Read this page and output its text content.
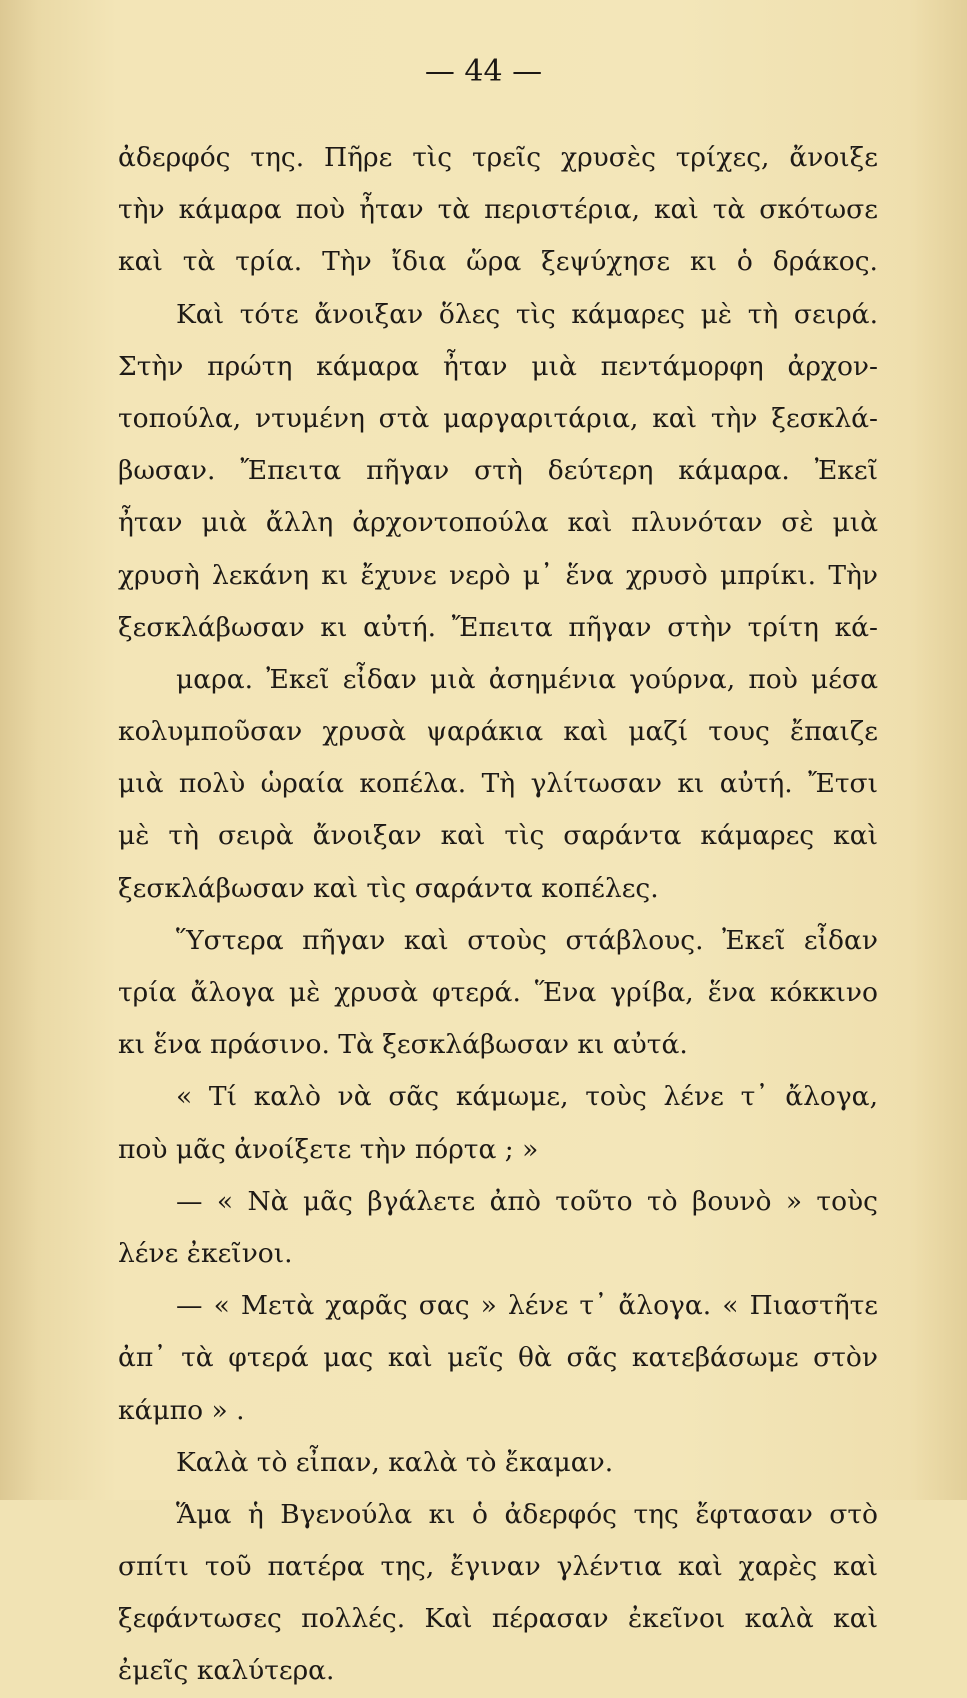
— 44 —
ἀδερφός της. Πῆρε τὶς τρεῖς χρυσὲς τρίχες, ἄνοιξε
τὴν κάμαρα ποὺ ἦταν τὰ περιστέρια, καὶ τὰ σκότωσε
καὶ τὰ τρία. Τὴν ἴδια ὥρα ξεψύχησε κι ὁ δράκος.
Καὶ τότε ἄνοιξαν ὅλες τὶς κάμαρες μὲ τὴ σειρά.
Στὴν πρώτη κάμαρα ἦταν μιὰ πεντάμορφη ἀρχον-
τοπούλα, ντυμένη στὰ μαργαριτάρια, καὶ τὴν ξεσκλά-
βωσαν. Ἔπειτα πῆγαν στὴ δεύτερη κάμαρα. Ἐκεῖ
ἦταν μιὰ ἄλλη ἀρχοντοπούλα καὶ πλυνόταν σὲ μιὰ
χρυσὴ λεκάνη κι ἔχυνε νερὸ μ᾿ ἕνα χρυσὸ μπρίκι. Τὴν
ξεσκλάβωσαν κι αὐτή. Ἔπειτα πῆγαν στὴν τρίτη κά-
μαρα. Ἐκεῖ εἶδαν μιὰ ἀσημένια γούρνα, ποὺ μέσα
κολυμποῦσαν χρυσὰ ψαράκια καὶ μαζί τους ἔπαιζε
μιὰ πολὺ ὡραία κοπέλα. Τὴ γλίτωσαν κι αὐτή. Ἔτσι
μὲ τὴ σειρὰ ἄνοιξαν καὶ τὶς σαράντα κάμαρες καὶ
ξεσκλάβωσαν καὶ τὶς σαράντα κοπέλες.
Ὕστερα πῆγαν καὶ στοὺς στάβλους. Ἐκεῖ εἶδαν
τρία ἄλογα μὲ χρυσὰ φτερά. Ἕνα γρίβα, ἕνα κόκκινο
κι ἕνα πράσινο. Τὰ ξεσκλάβωσαν κι αὐτά.
« Τί καλὸ νὰ σᾶς κάμωμε, τοὺς λένε τ᾿ ἄλογα,
ποὺ μᾶς ἀνοίξετε τὴν πόρτα ; »
— « Νὰ μᾶς βγάλετε ἀπὸ τοῦτο τὸ βουνὸ » τοὺς
λένε ἐκεῖνοι.
— « Μετὰ χαρᾶς σας » λένε τ᾿ ἄλογα. « Πιαστῆτε
ἀπ᾿ τὰ φτερά μας καὶ μεῖς θὰ σᾶς κατεβάσωμε στὸν
κάμπο » .
Καλὰ τὸ εἶπαν, καλὰ τὸ ἔκαμαν.
Ἅμα ἡ Βγενούλα κι ὁ ἀδερφός της ἔφτασαν στὸ
σπίτι τοῦ πατέρα της, ἔγιναν γλέντια καὶ χαρὲς καὶ
ξεφάντωσες πολλές. Καὶ πέρασαν ἐκεῖνοι καλὰ καὶ
ἐμεῖς καλύτερα.
